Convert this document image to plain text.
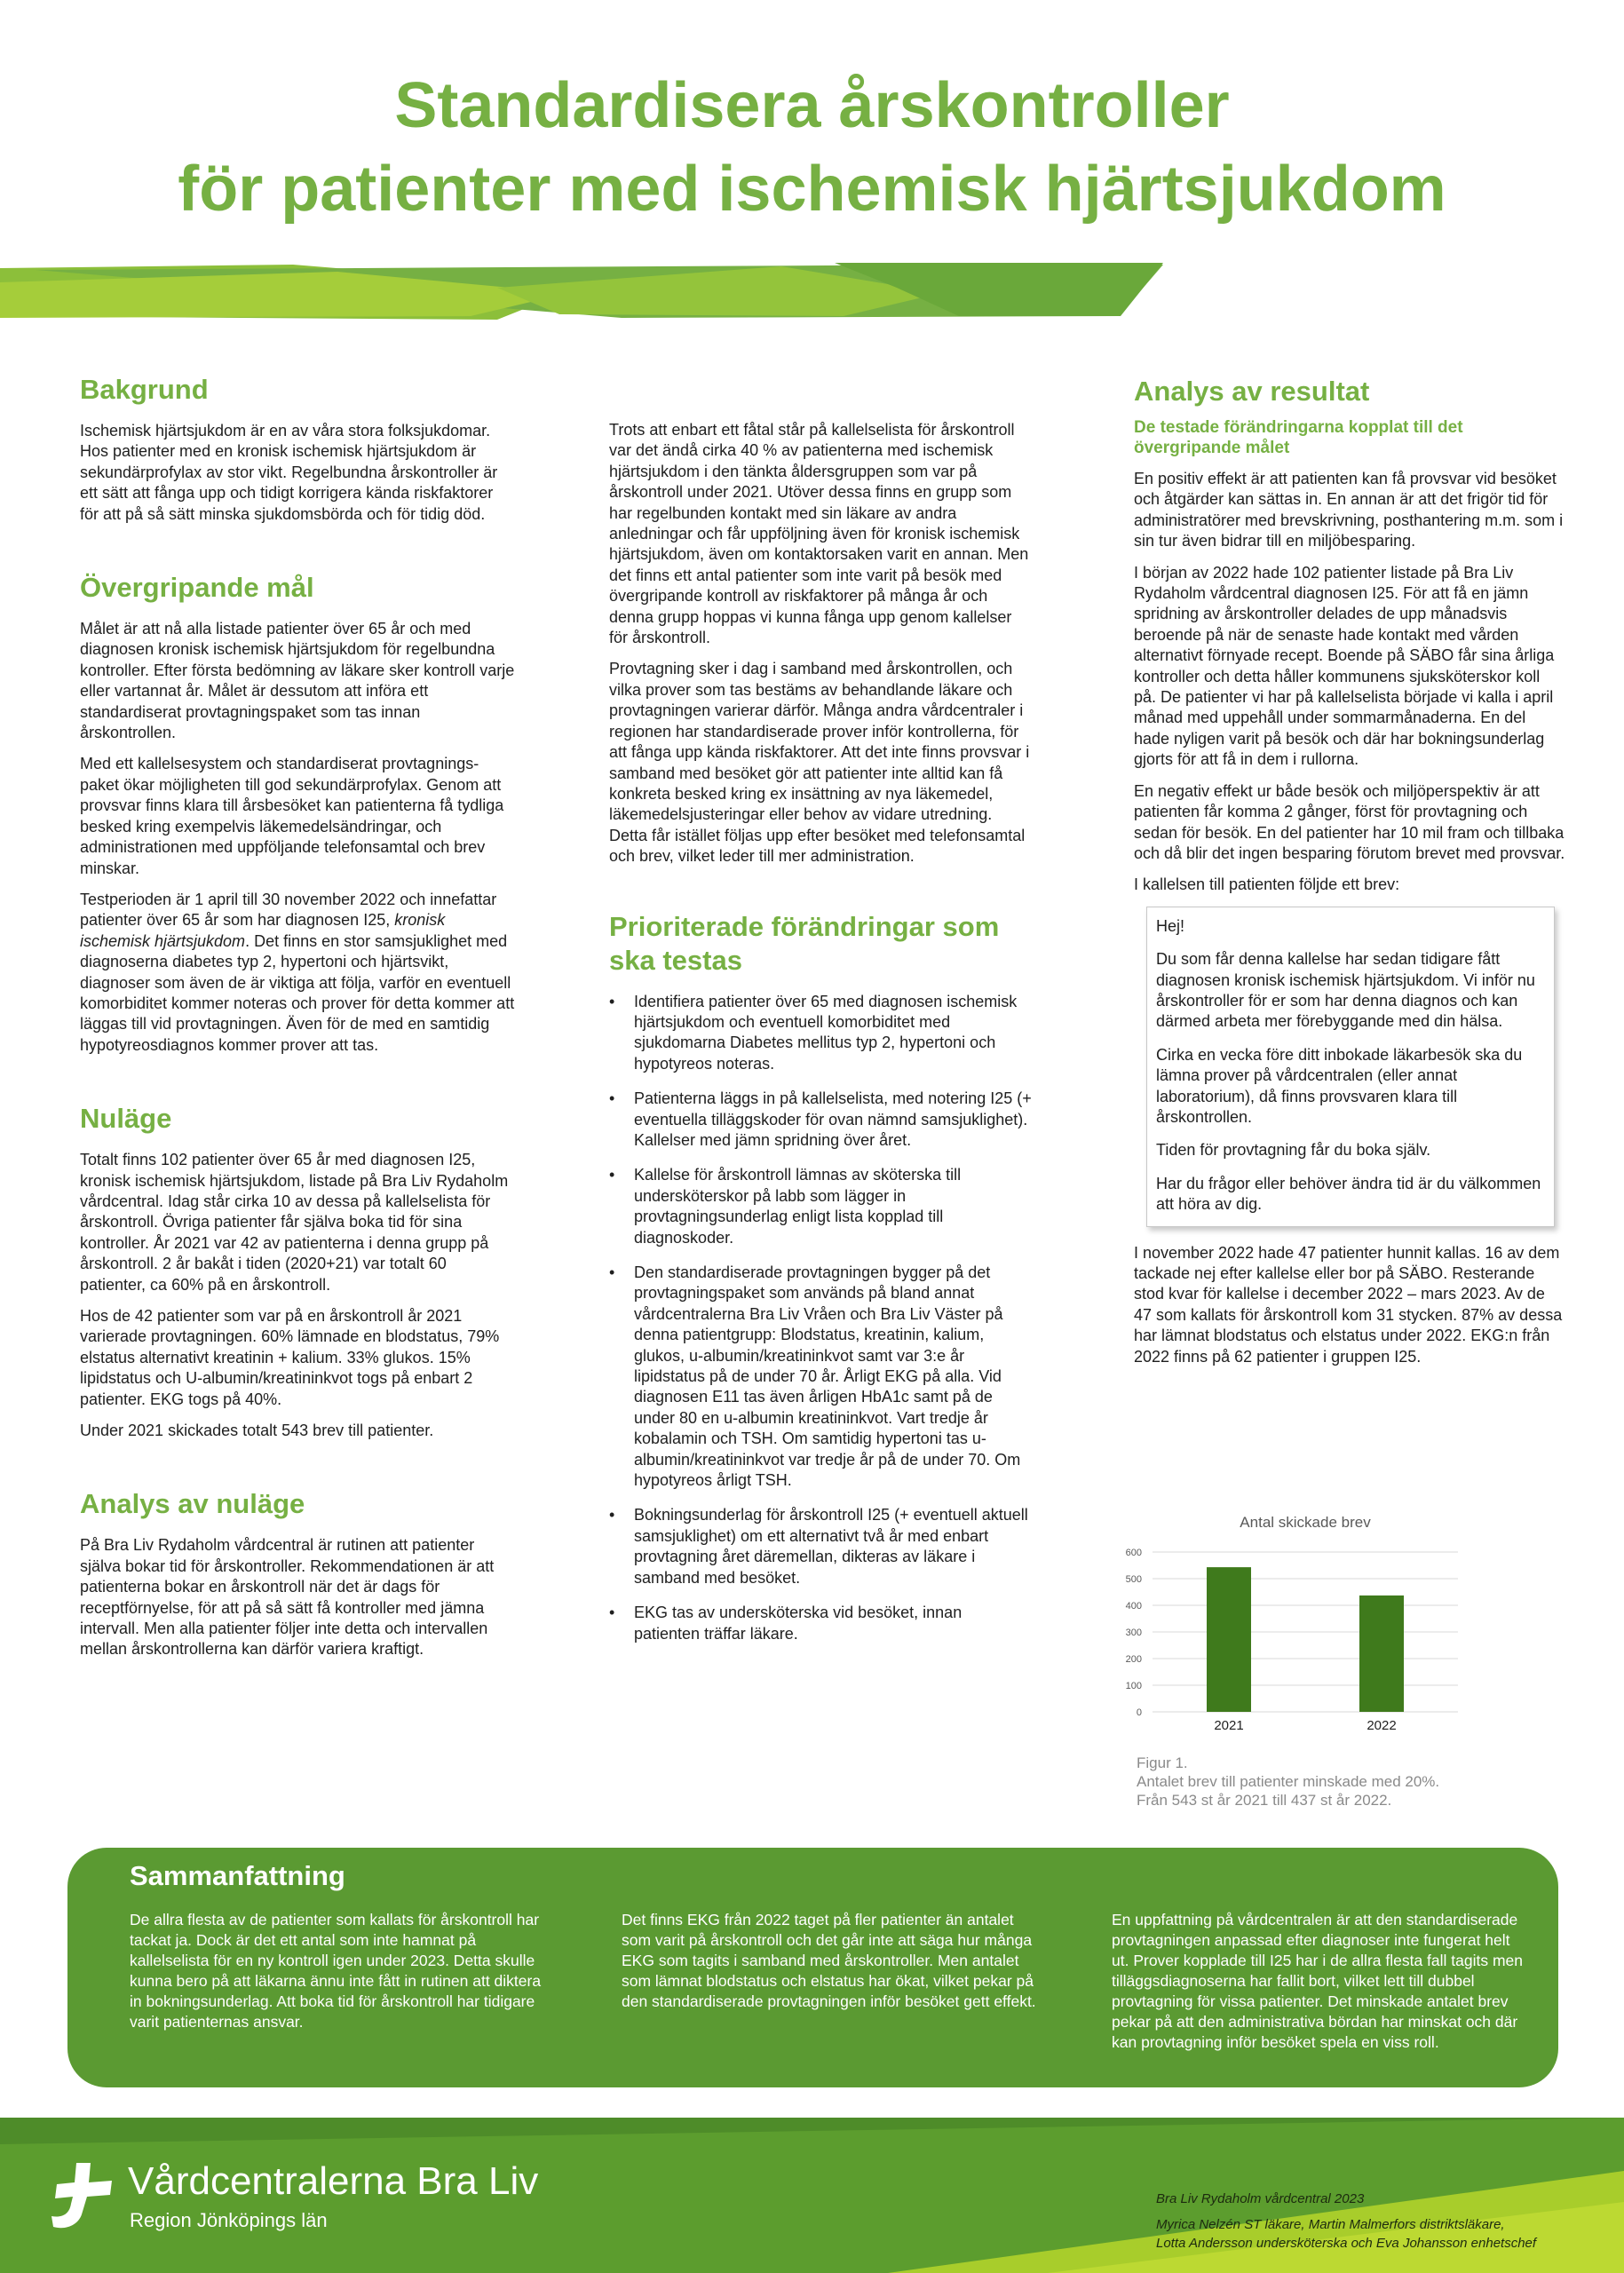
Standardisera årskontroller
för patienter med ischemisk hjärtsjukdom
Bakgrund

Ischemisk hjärtsjukdom är en av våra stora folksjukdomar. Hos patienter med en kronisk ischemisk hjärtsjukdom är sekundärprofylax av stor vikt. Regelbundna årskontroller är ett sätt att fånga upp och tidigt korrigera kända riskfaktorer för att på så sätt minska sjukdomsbörda och för tidig död.

Övergripande mål

Målet är att nå alla listade patienter över 65 år och med diagnosen kronisk ischemisk hjärtsjukdom för regelbundna kontroller. Efter första bedömning av läkare sker kontroll varje eller vartannat år. Målet är dessutom att införa ett standardiserat provtagningspaket som tas innan årskontrollen.

Med ett kallelsesystem och standardiserat provtagnings-paket ökar möjligheten till god sekundärprofylax. Genom att provsvar finns klara till årsbesöket kan patienterna få tydliga besked kring exempelvis läkemedelsändringar, och administrationen med uppföljande telefonsamtal och brev minskar.

Testperioden är 1 april till 30 november 2022 och innefattar patienter över 65 år som har diagnosen I25, kronisk ischemisk hjärtsjukdom. Det finns en stor samsjuklighet med diagnoserna diabetes typ 2, hypertoni och hjärtsvikt, diagnoser som även de är viktiga att följa, varför en eventuell komorbiditet kommer noteras och prover för detta kommer att läggas till vid provtagningen. Även för de med en samtidig hypotyreosdiagnos kommer prover att tas.

Nuläge

Totalt finns 102 patienter över 65 år med diagnosen I25, kronisk ischemisk hjärtsjukdom, listade på Bra Liv Rydaholm vårdcentral. Idag står cirka 10 av dessa på kallelselista för årskontroll. Övriga patienter får själva boka tid för sina kontroller. År 2021 var 42 av patienterna i denna grupp på årskontroll. 2 år bakåt i tiden (2020+21) var totalt 60 patienter, ca 60% på en årskontroll.

Hos de 42 patienter som var på en årskontroll år 2021 varierade provtagningen. 60% lämnade en blodstatus, 79% elstatus alternativt kreatinin + kalium. 33% glukos. 15% lipidstatus och U-albumin/kreatininkvot togs på enbart 2 patienter. EKG togs på 40%.

Under 2021 skickades totalt 543 brev till patienter.

Analys av nuläge

På Bra Liv Rydaholm vårdcentral är rutinen att patienter själva bokar tid för årskontroller. Rekommendationen är att patienterna bokar en årskontroll när det är dags för receptförnyelse, för att på så sätt få kontroller med jämna intervall. Men alla patienter följer inte detta och intervallen mellan årskontrollerna kan därför variera kraftigt.

Trots att enbart ett fåtal står på kallelselista för årskontroll var det ändå cirka 40 % av patienterna med ischemisk hjärtsjukdom i den tänkta åldersgruppen som var på årskontroll under 2021. Utöver dessa finns en grupp som har regelbunden kontakt med sin läkare av andra anledningar och får uppföljning även för kronisk ischemisk hjärtsjukdom, även om kontaktorsaken varit en annan. Men det finns ett antal patienter som inte varit på besök med övergripande kontroll av riskfaktorer på många år och denna grupp hoppas vi kunna fånga upp genom kallelser för årskontroll.

Provtagning sker i dag i samband med årskontrollen, och vilka prover som tas bestäms av behandlande läkare och provtagningen varierar därför. Många andra vårdcentraler i regionen har standardiserade prover inför kontrollerna, för att fånga upp kända riskfaktorer. Att det inte finns provsvar i samband med besöket gör att patienter inte alltid kan få konkreta besked kring ex insättning av nya läkemedel, läkemedelsjusteringar eller behov av vidare utredning. Detta får istället följas upp efter besöket med telefonsamtal och brev, vilket leder till mer administration.

Prioriterade förändringar som ska testas
• Identifiera patienter över 65 med diagnosen ischemisk hjärtsjukdom och eventuell komorbiditet med sjukdomarna Diabetes mellitus typ 2, hypertoni och hypotyreos noteras.
• Patienterna läggs in på kallelselista, med notering I25 (+ eventuella tilläggskoder för ovan nämnd samsjuklighet). Kallelser med jämn spridning över året.
• Kallelse för årskontroll lämnas av sköterska till undersköterskor på labb som lägger in provtagningsunderlag enligt lista kopplad till diagnoskoder.
• Den standardiserade provtagningen bygger på det provtagningspaket som används på bland annat vårdcentralerna Bra Liv Vråen och Bra Liv Väster på denna patientgrupp: Blodstatus, kreatinin, kalium, glukos, u-albumin/kreatininkvot samt var 3:e år lipidstatus på de under 70 år. Årligt EKG på alla. Vid diagnosen E11 tas även årligen HbA1c samt på de under 80 en u-albumin kreatininkvot. Vart tredje år kobalamin och TSH. Om samtidig hypertoni tas u- albumin/kreatininkvot var tredje år på de under 70. Om hypotyreos årligt TSH.
• Bokningsunderlag för årskontroll I25 (+ eventuell aktuell samsjuklighet) om ett alternativt två år med enbart provtagning året däremellan, dikteras av läkare i samband med besöket.
• EKG tas av undersköterska vid besöket, innan patienten träffar läkare.
Analys av resultat
De testade förändringarna kopplat till det övergripande målet

En positiv effekt är att patienten kan få provsvar vid besöket och åtgärder kan sättas in. En annan är att det frigör tid för administratörer med brevskrivning, posthantering m.m. som i sin tur även bidrar till en miljöbesparing.

I början av 2022 hade 102 patienter listade på Bra Liv Rydaholm vårdcentral diagnosen I25. För att få en jämn spridning av årskontroller delades de upp månadsvis beroende på när de senaste hade kontakt med vården alternativt förnyade recept. Boende på SÄBO får sina årliga kontroller och detta håller kommunens sjuksköterskor koll på. De patienter vi har på kallelselista började vi kalla i april månad med uppehåll under sommarmånaderna. En del hade nyligen varit på besök och där har bokningsunderlag gjorts för att få in dem i rullorna.

En negativ effekt ur både besök och miljöperspektiv är att patienten får komma 2 gånger, först för provtagning och sedan för besök. En del patienter har 10 mil fram och tillbaka och då blir det ingen besparing förutom brevet med provsvar.

I kallelsen till patienten följde ett brev:

Hej!

Du som får denna kallelse har sedan tidigare fått diagnosen kronisk ischemisk hjärtsjukdom. Vi inför nu årskontroller för er som har denna diagnos och kan därmed arbeta mer förebyggande med din hälsa.

Cirka en vecka före ditt inbokade läkarbesök ska du lämna prover på vårdcentralen (eller annat laboratorium), då finns provsvaren klara till årskontrollen.

Tiden för provtagning får du boka själv.

Har du frågor eller behöver ändra tid är du välkommen att höra av dig.

I november 2022 hade 47 patienter hunnit kallas. 16 av dem tackade nej efter kallelse eller bor på SÄBO. Resterande stod kvar för kallelse i december 2022 – mars 2023. Av de 47 som kallats för årskontroll kom 31 stycken. 87% av dessa har lämnat blodstatus och elstatus under 2022. EKG:n från 2022 finns på 62 patienter i gruppen I25.

Antal skickade brev
0
100
200
300
400
500
600
2021	2022
Figur 1.
Antalet brev till patienter minskade med 20%.
Från 543 st år 2021 till 437 st år 2022.
Sammanfattning
De allra flesta av de patienter som kallats för årskontroll har tackat ja. Dock är det ett antal som inte hamnat på kallelselista för en ny kontroll igen under 2023. Detta skulle kunna bero på att läkarna ännu inte fått in rutinen att diktera in bokningsunderlag. Att boka tid för årskontroll har tidigare varit patienternas ansvar.
Det finns EKG från 2022 taget på fler patienter än antalet som varit på årskontroll och det går inte att säga hur många EKG som tagits i samband med årskontroller. Men antalet som lämnat blodstatus och elstatus har ökat, vilket pekar på den standardiserade provtagningen inför besöket gett effekt.
En uppfattning på vårdcentralen är att den standardiserade provtagningen anpassad efter diagnoser inte fungerat helt ut. Prover kopplade till I25 har i de allra flesta fall tagits men tilläggsdiagnoserna har fallit bort, vilket lett till dubbel provtagning för vissa patienter. Det minskade antalet brev pekar på att den administrativa bördan har minskat och där kan provtagning inför besöket spela en viss roll.
Vårdcentralerna Bra Liv
Region Jönköpings län

Bra Liv Rydaholm vårdcentral 2023

Myrica Nelzén ST läkare, Martin Malmerfors distriktsläkare,
Lotta Andersson undersköterska och Eva Johansson enhetschef
